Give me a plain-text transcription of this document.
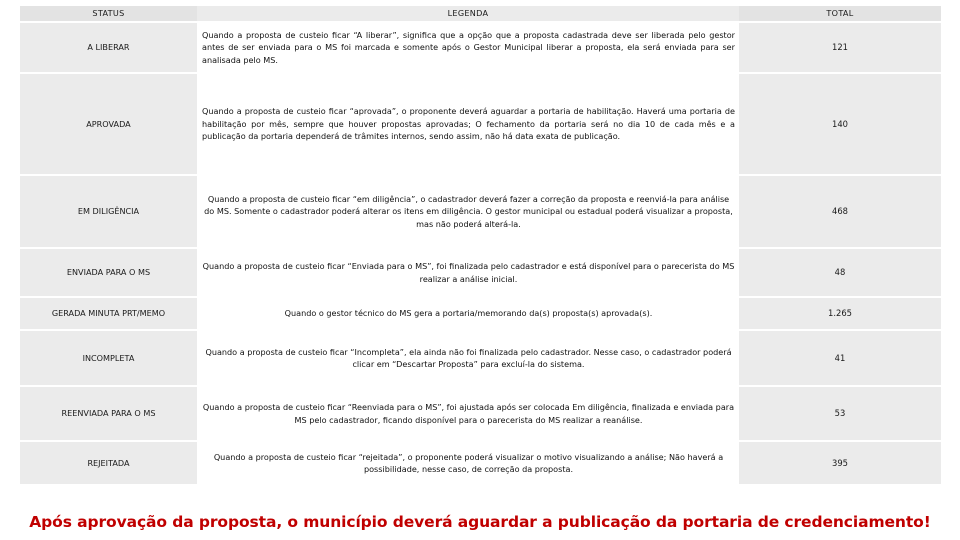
STATUS	LEGENDA	TOTAL
A LIBERAR	Quando a proposta de custeio ficar “A liberar”, significa que a opção que a proposta cadastrada deve ser liberada pelo gestor antes de ser enviada para o MS foi marcada e somente após o Gestor Municipal liberar a proposta, ela será enviada para ser analisada pelo MS.	121
APROVADA	Quando a proposta de custeio ficar “aprovada”, o proponente deverá aguardar a portaria de habilitação. Haverá uma portaria de habilitação por mês, sempre que houver propostas aprovadas; O fechamento da portaria será no dia 10 de cada mês e a publicação da portaria dependerá de trâmites internos, sendo assim, não há data exata de publicação.	140
EM DILIGÊNCIA	Quando a proposta de custeio ficar “em diligência”, o cadastrador deverá fazer a correção da proposta e reenviá-la para análise do MS. Somente o cadastrador poderá alterar os itens em diligência. O gestor municipal ou estadual poderá visualizar a proposta, mas não poderá alterá-la.	468
ENVIADA PARA O MS	Quando a proposta de custeio ficar “Enviada para o MS”, foi finalizada pelo cadastrador e está disponível para o parecerista do MS realizar a análise inicial.	48
GERADA MINUTA PRT/MEMO	Quando o gestor técnico do MS gera a portaria/memorando da(s) proposta(s) aprovada(s).	1.265
INCOMPLETA	Quando a proposta de custeio ficar “Incompleta”, ela ainda não foi finalizada pelo cadastrador. Nesse caso, o cadastrador poderá clicar em “Descartar Proposta” para excluí-la do sistema.	41
REENVIADA PARA O MS	Quando a proposta de custeio ficar “Reenviada para o MS”, foi ajustada após ser colocada Em diligência, finalizada e enviada para MS pelo cadastrador, ficando disponível para o parecerista do MS realizar a reanálise.	53
REJEITADA	Quando a proposta de custeio ficar “rejeitada”, o proponente poderá visualizar o motivo visualizando a análise; Não haverá a possibilidade, nesse caso, de correção da proposta.	395
Após aprovação da proposta, o município deverá aguardar a publicação da portaria de credenciamento!
